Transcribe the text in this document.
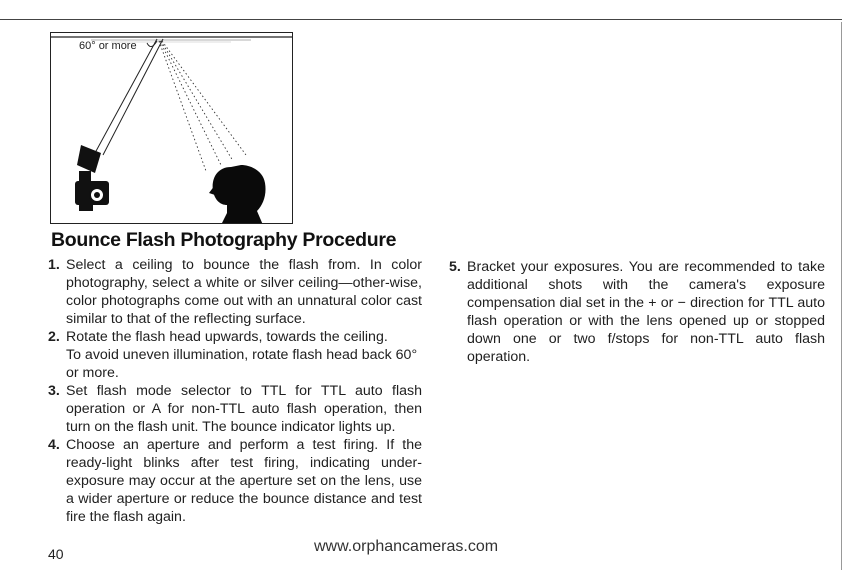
60° or more
Bounce Flash Photography Procedure
1. Select a ceiling to bounce the flash from. In color photography, select a white or silver ceiling—other-wise, color photographs come out with an unnatural color cast similar to that of the reflecting surface.
2. Rotate the flash head upwards, towards the ceiling.
To avoid uneven illumination, rotate flash head back 60° or more.
3. Set flash mode selector to TTL for TTL auto flash operation or A for non-TTL auto flash operation, then turn on the flash unit. The bounce indicator lights up.
4. Choose an aperture and perform a test firing. If the ready-light blinks after test firing, indicating under-exposure may occur at the aperture set on the lens, use a wider aperture or reduce the bounce distance and test fire the flash again.
5. Bracket your exposures. You are recommended to take additional shots with the camera's exposure compensation dial set in the + or − direction for TTL auto flash operation or with the lens opened up or stopped down one or two f/stops for non-TTL auto flash operation.
40	www.orphancameras.com
